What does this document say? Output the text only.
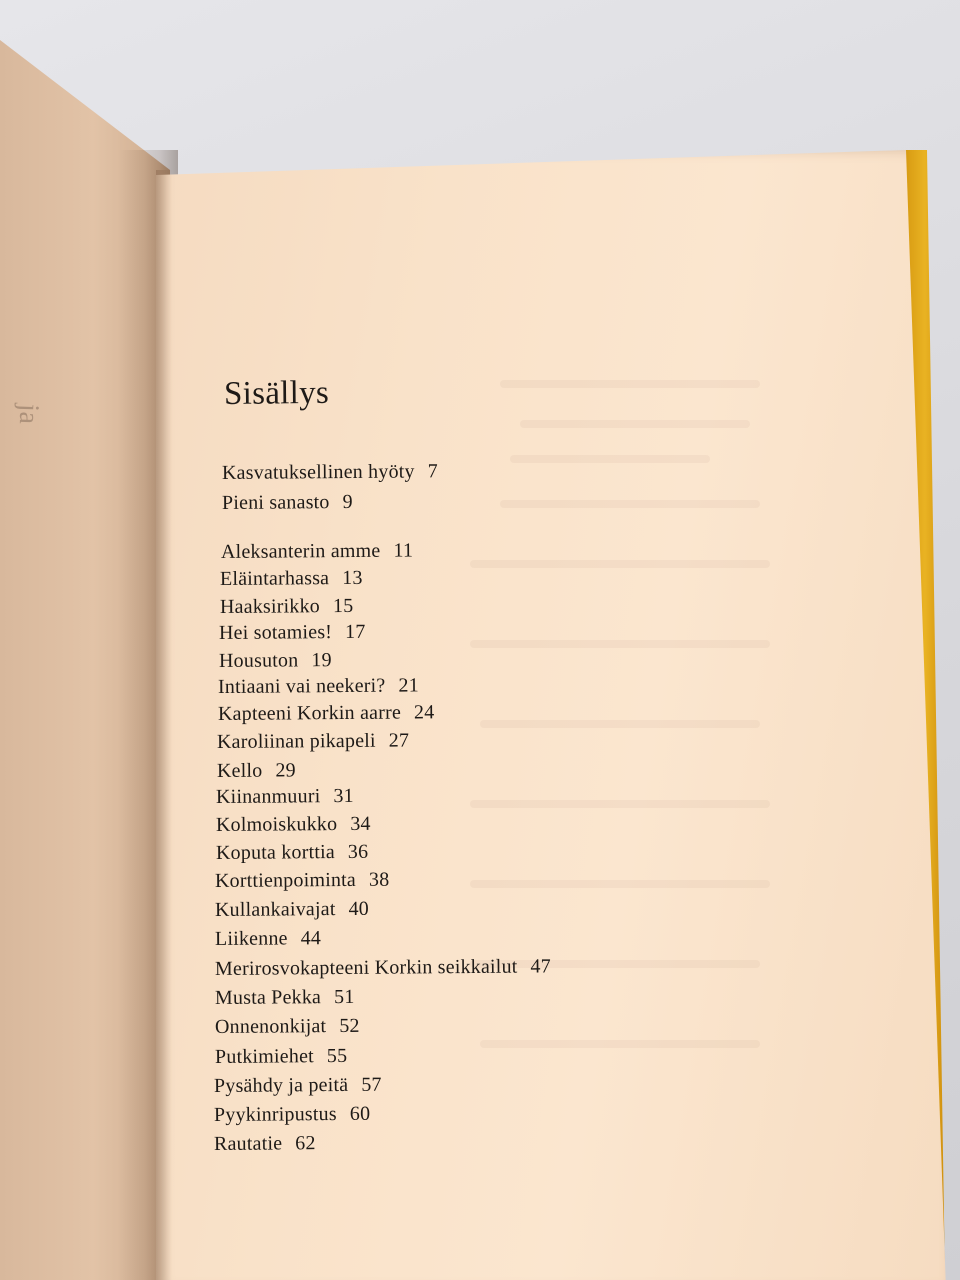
ja
Sisällys
Kasvatuksellinen hyöty 7
Pieni sanasto 9
Aleksanterin amme 11
Eläintarhassa 13
Haaksirikko 15
Hei sotamies! 17
Housuton 19
Intiaani vai neekeri? 21
Kapteeni Korkin aarre 24
Karoliinan pikapeli 27
Kello 29
Kiinanmuuri 31
Kolmoiskukko 34
Koputa korttia 36
Korttienpoiminta 38
Kullankaivajat 40
Liikenne 44
Merirosvokapteeni Korkin seikkailut 47
Musta Pekka 51
Onnenonkijat 52
Putkimiehet 55
Pysähdy ja peitä 57
Pyykinripustus 60
Rautatie 62
